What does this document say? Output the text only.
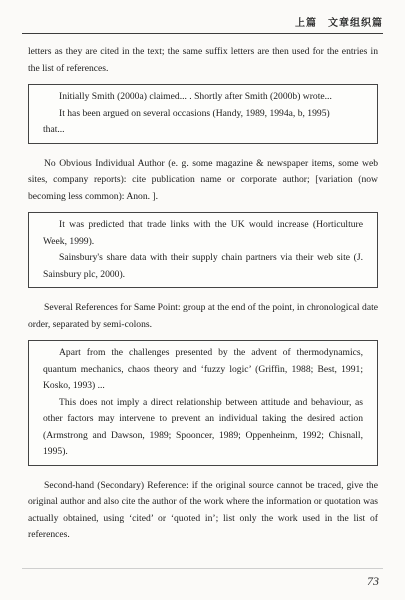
上篇　文章组织篇

letters as they are cited in the text; the same suffix letters are then used for the entries in the list of references.

Initially Smith (2000a) claimed... . Shortly after Smith (2000b) wrote...

It has been argued on several occasions (Handy, 1989, 1994a, b, 1995)

that...

No Obvious Individual Author (e. g. some magazine & newspaper items, some web sites, company reports): cite publication name or corporate author; [variation (now becoming less common): Anon. ].

It was predicted that trade links with the UK would increase (Horticulture Week, 1999).

Sainsbury's share data with their supply chain partners via their web site (J. Sainsbury plc, 2000).

Several References for Same Point: group at the end of the point, in chronological date order, separated by semi-colons.

Apart from the challenges presented by the advent of thermodynamics, quantum mechanics, chaos theory and ‘fuzzy logic’ (Griffin, 1988; Best, 1991; Kosko, 1993) ...

This does not imply a direct relationship between attitude and behaviour, as other factors may intervene to prevent an individual taking the desired action (Armstrong and Dawson, 1989; Spooncer, 1989; Oppenheinm, 1992; Chisnall, 1995).

Second-hand (Secondary) Reference: if the original source cannot be traced, give the original author and also cite the author of the work where the information or quotation was actually obtained, using ‘cited’ or ‘quoted in’; list only the work used in the list of references.

73
